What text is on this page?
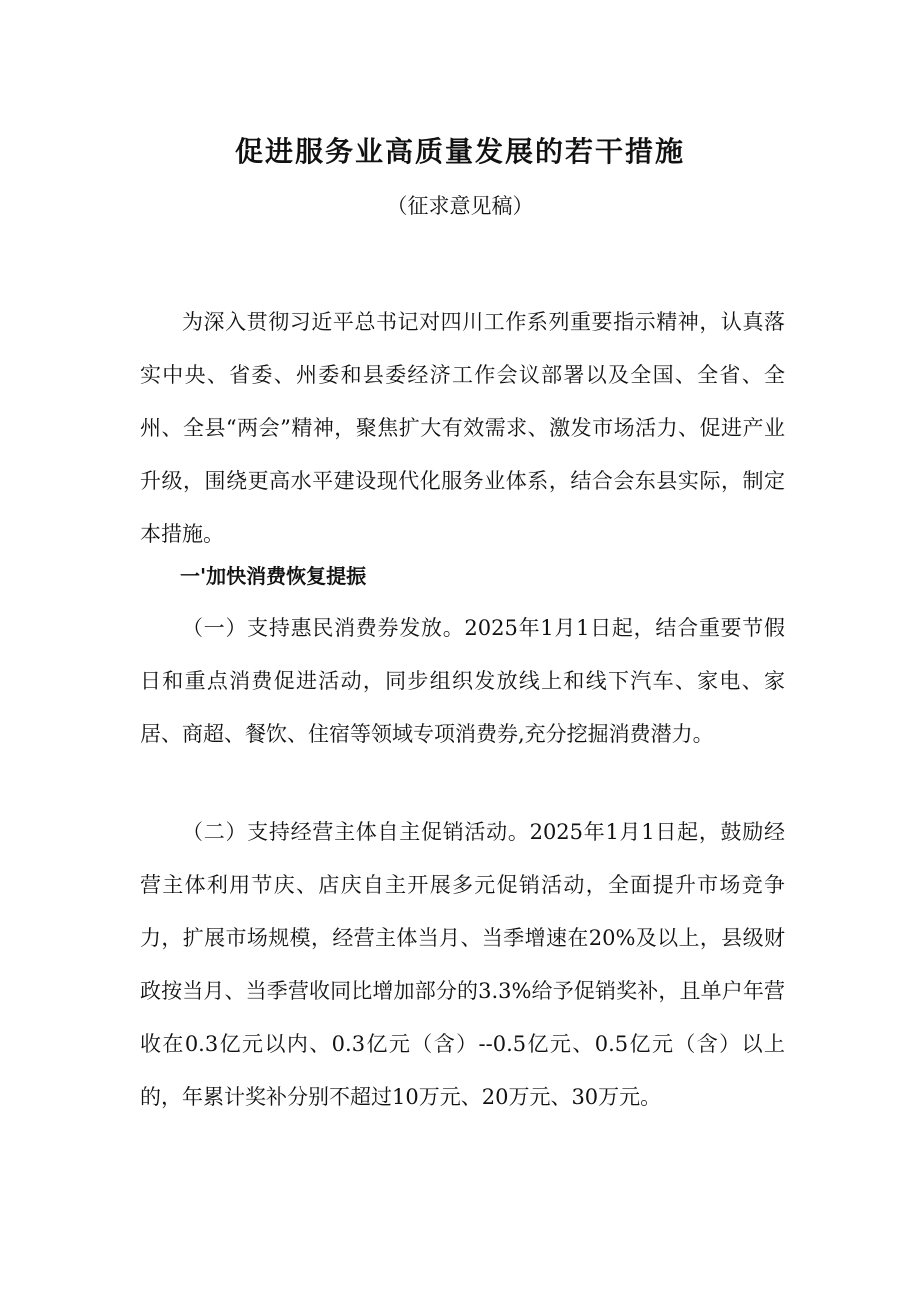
促进服务业高质量发展的若干措施

（征求意见稿）

为深入贯彻习近平总书记对四川工作系列重要指示精神，认真落实中央、省委、州委和县委经济工作会议部署以及全国、全省、全州、全县“两会”精神，聚焦扩大有效需求、激发市场活力、促进产业升级，围绕更高水平建设现代化服务业体系，结合会东县实际，制定本措施。

一'加快消费恢复提振

（一）支持惠民消费券发放。2025年1月1日起，结合重要节假日和重点消费促进活动，同步组织发放线上和线下汽车、家电、家居、商超、餐饮、住宿等领域专项消费券,充分挖掘消费潜力。

（二）支持经营主体自主促销活动。2025年1月1日起，鼓励经营主体利用节庆、店庆自主开展多元促销活动，全面提升市场竞争力，扩展市场规模，经营主体当月、当季增速在20%及以上，县级财政按当月、当季营收同比增加部分的3.3%给予促销奖补，且单户年营收在0.3亿元以内、0.3亿元（含）--0.5亿元、0.5亿元（含）以上的，年累计奖补分别不超过10万元、20万元、30万元。
